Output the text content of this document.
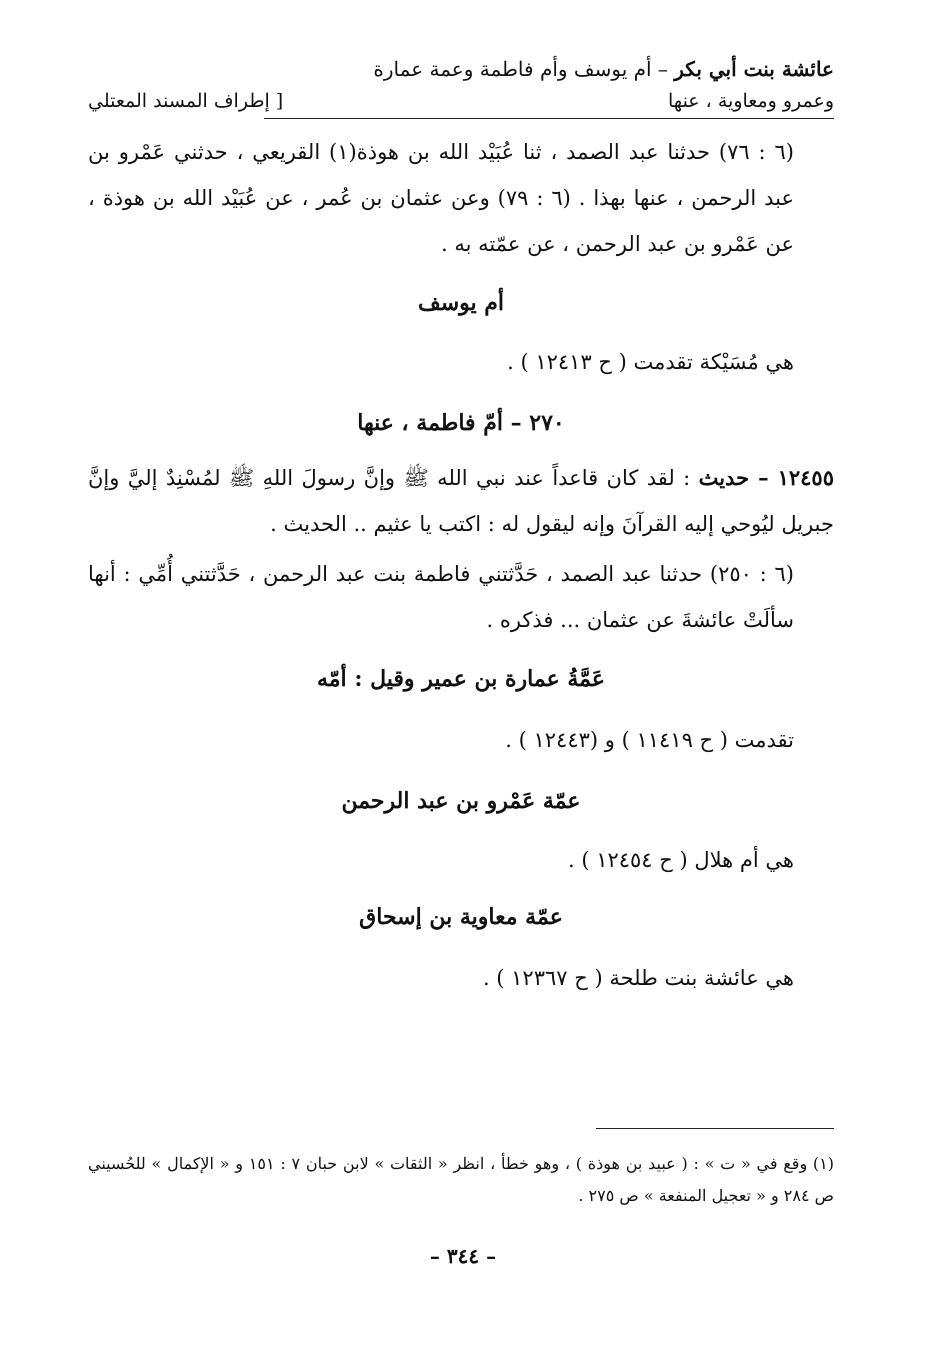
عائشة بنت أبي بكر – أم يوسف وأم فاطمة وعمة عمارة
وعمرو ومعاوية ، عنها
[ إطراف المسند المعتلي

(٦ : ٧٦) حدثنا عبد الصمد ، ثنا عُبَيْد الله بن هوذة(١) القريعي ، حدثني عَمْرو بن عبد الرحمن ، عنها بهذا . (٦ : ٧٩) وعن عثمان بن عُمر ، عن عُبَيْد الله بن هوذة ، عن عَمْرو بن عبد الرحمن ، عن عمّته به .

أم يوسف

هي مُسَيْكة تقدمت ( ح ١٢٤١٣ ) .

٢٧٠ – أمّ فاطمة ، عنها

١٢٤٥٥ – حديث : لقد كان قاعداً عند نبي الله ﷺ وإنَّ رسولَ اللهِ ﷺ لمُسْنِدٌ إليَّ وإنَّ جبريل ليُوحي إليه القرآنَ وإنه ليقول له : اكتب يا عثيم .. الحديث .

(٦ : ٢٥٠) حدثنا عبد الصمد ، حَدَّثتني فاطمة بنت عبد الرحمن ، حَدَّثتني أُمِّي : أنها سألَتْ عائشةَ عن عثمان ... فذكره .

عَمَّةُ عمارة بن عمير وقيل : أمّه

تقدمت ( ح ١١٤١٩ ) و (١٢٤٤٣ ) .

عمّة عَمْرو بن عبد الرحمن

هي أم هلال ( ح ١٢٤٥٤ ) .

عمّة معاوية بن إسحاق

هي عائشة بنت طلحة ( ح ١٢٣٦٧ ) .

(١) وقع في « ت » : ( عبيد بن هوذة ) ، وهو خطأ ، انظر « الثقات » لابن حبان ٧ : ١٥١ و « الإكمال » للحُسيني ص ٢٨٤ و « تعجيل المنفعة » ص ٢٧٥ .
– ٣٤٤ –
